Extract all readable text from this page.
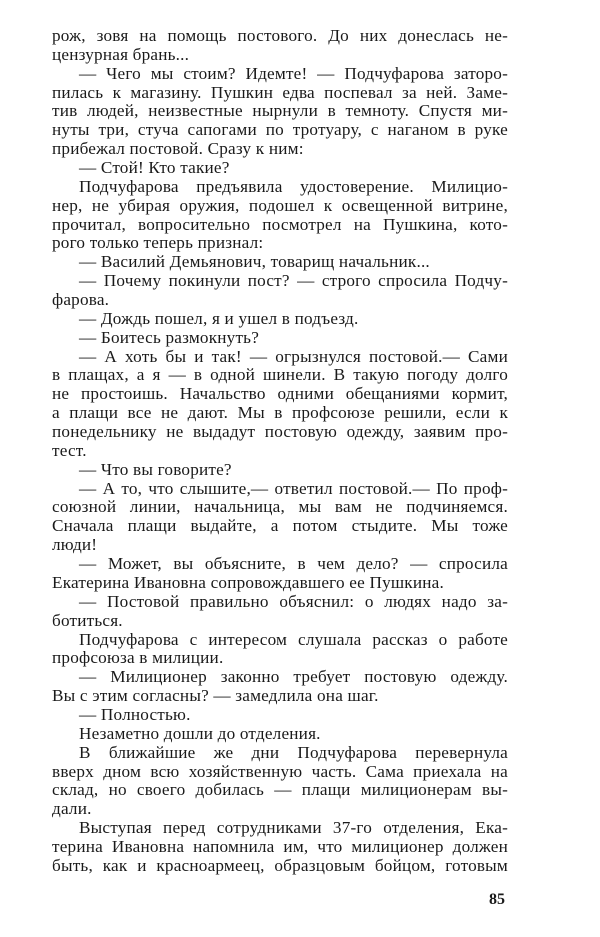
рож, зовя на помощь постового. До них донеслась не-
цензурная брань...
— Чего мы стоим? Идемте! — Подчуфарова заторо-
пилась к магазину. Пушкин едва поспевал за ней. Заме-
тив людей, неизвестные нырнули в темноту. Спустя ми-
нуты три, стуча сапогами по тротуару, с наганом в руке
прибежал постовой. Сразу к ним:
— Стой! Кто такие?
Подчуфарова предъявила удостоверение. Милицио-
нер, не убирая оружия, подошел к освещенной витрине,
прочитал, вопросительно посмотрел на Пушкина, кото-
рого только теперь признал:
— Василий Демьянович, товарищ начальник...
— Почему покинули пост? — строго спросила Подчу-
фарова.
— Дождь пошел, я и ушел в подъезд.
— Боитесь размокнуть?
— А хоть бы и так! — огрызнулся постовой.— Сами
в плащах, а я — в одной шинели. В такую погоду долго
не простоишь. Начальство одними обещаниями кормит,
а плащи все не дают. Мы в профсоюзе решили, если к
понедельнику не выдадут постовую одежду, заявим про-
тест.
— Что вы говорите?
— А то, что слышите,— ответил постовой.— По проф-
союзной линии, начальница, мы вам не подчиняемся.
Сначала плащи выдайте, а потом стыдите. Мы тоже
люди!
— Может, вы объясните, в чем дело? — спросила
Екатерина Ивановна сопровождавшего ее Пушкина.
— Постовой правильно объяснил: о людях надо за-
ботиться.
Подчуфарова с интересом слушала рассказ о работе
профсоюза в милиции.
— Милиционер законно требует постовую одежду.
Вы с этим согласны? — замедлила она шаг.
— Полностью.
Незаметно дошли до отделения.
В ближайшие же дни Подчуфарова перевернула
вверх дном всю хозяйственную часть. Сама приехала на
склад, но своего добилась — плащи милиционерам вы-
дали.
Выступая перед сотрудниками 37-го отделения, Ека-
терина Ивановна напомнила им, что милиционер должен
быть, как и красноармеец, образцовым бойцом, готовым
85
